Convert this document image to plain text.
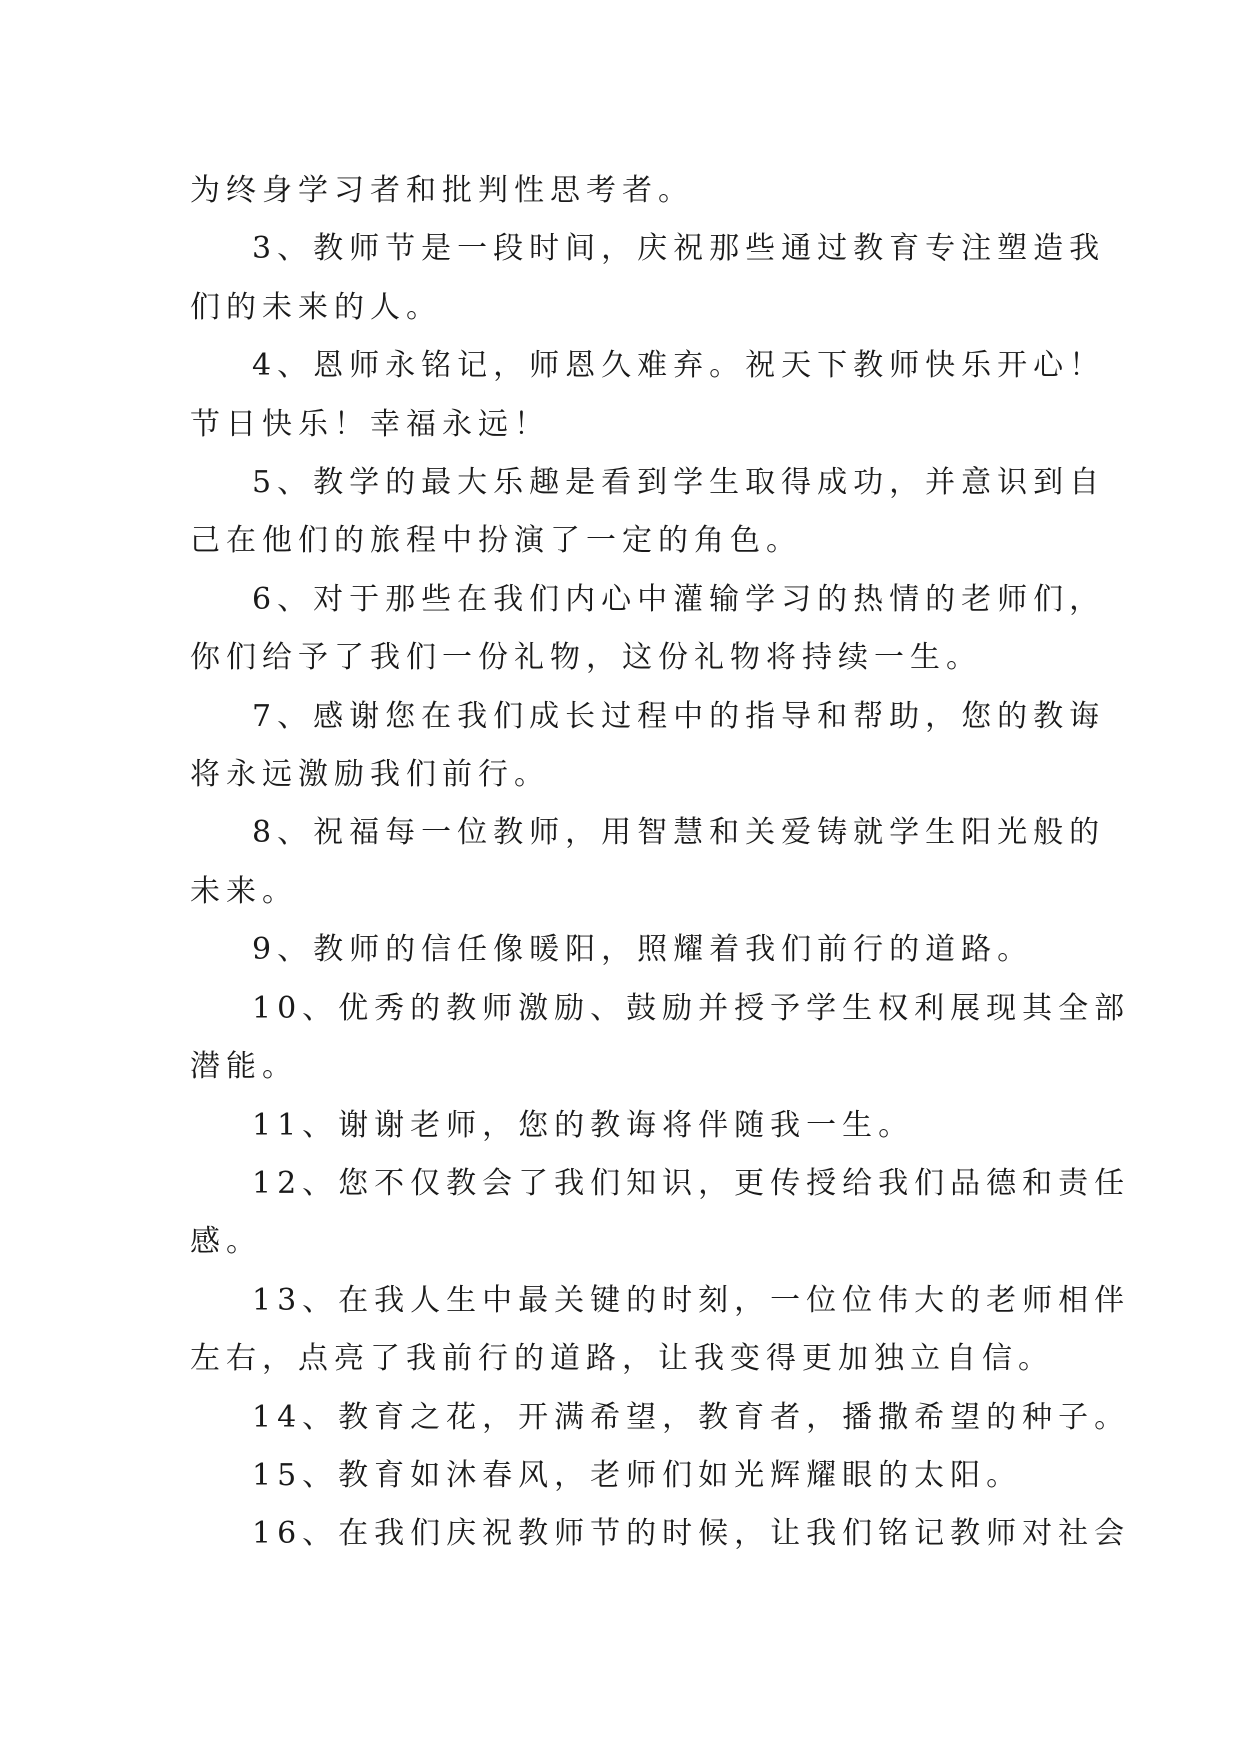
为终身学习者和批判性思考者。
3、教师节是一段时间，庆祝那些通过教育专注塑造我
们的未来的人。
4、恩师永铭记，师恩久难弃。祝天下教师快乐开心！
节日快乐！幸福永远！
5、教学的最大乐趣是看到学生取得成功，并意识到自
己在他们的旅程中扮演了一定的角色。
6、对于那些在我们内心中灌输学习的热情的老师们，
你们给予了我们一份礼物，这份礼物将持续一生。
7、感谢您在我们成长过程中的指导和帮助，您的教诲
将永远激励我们前行。
8、祝福每一位教师，用智慧和关爱铸就学生阳光般的
未来。
9、教师的信任像暖阳，照耀着我们前行的道路。
10、优秀的教师激励、鼓励并授予学生权利展现其全部
潜能。
11、谢谢老师，您的教诲将伴随我一生。
12、您不仅教会了我们知识，更传授给我们品德和责任
感。
13、在我人生中最关键的时刻，一位位伟大的老师相伴
左右，点亮了我前行的道路，让我变得更加独立自信。
14、教育之花，开满希望，教育者，播撒希望的种子。
15、教育如沐春风，老师们如光辉耀眼的太阳。
16、在我们庆祝教师节的时候，让我们铭记教师对社会
